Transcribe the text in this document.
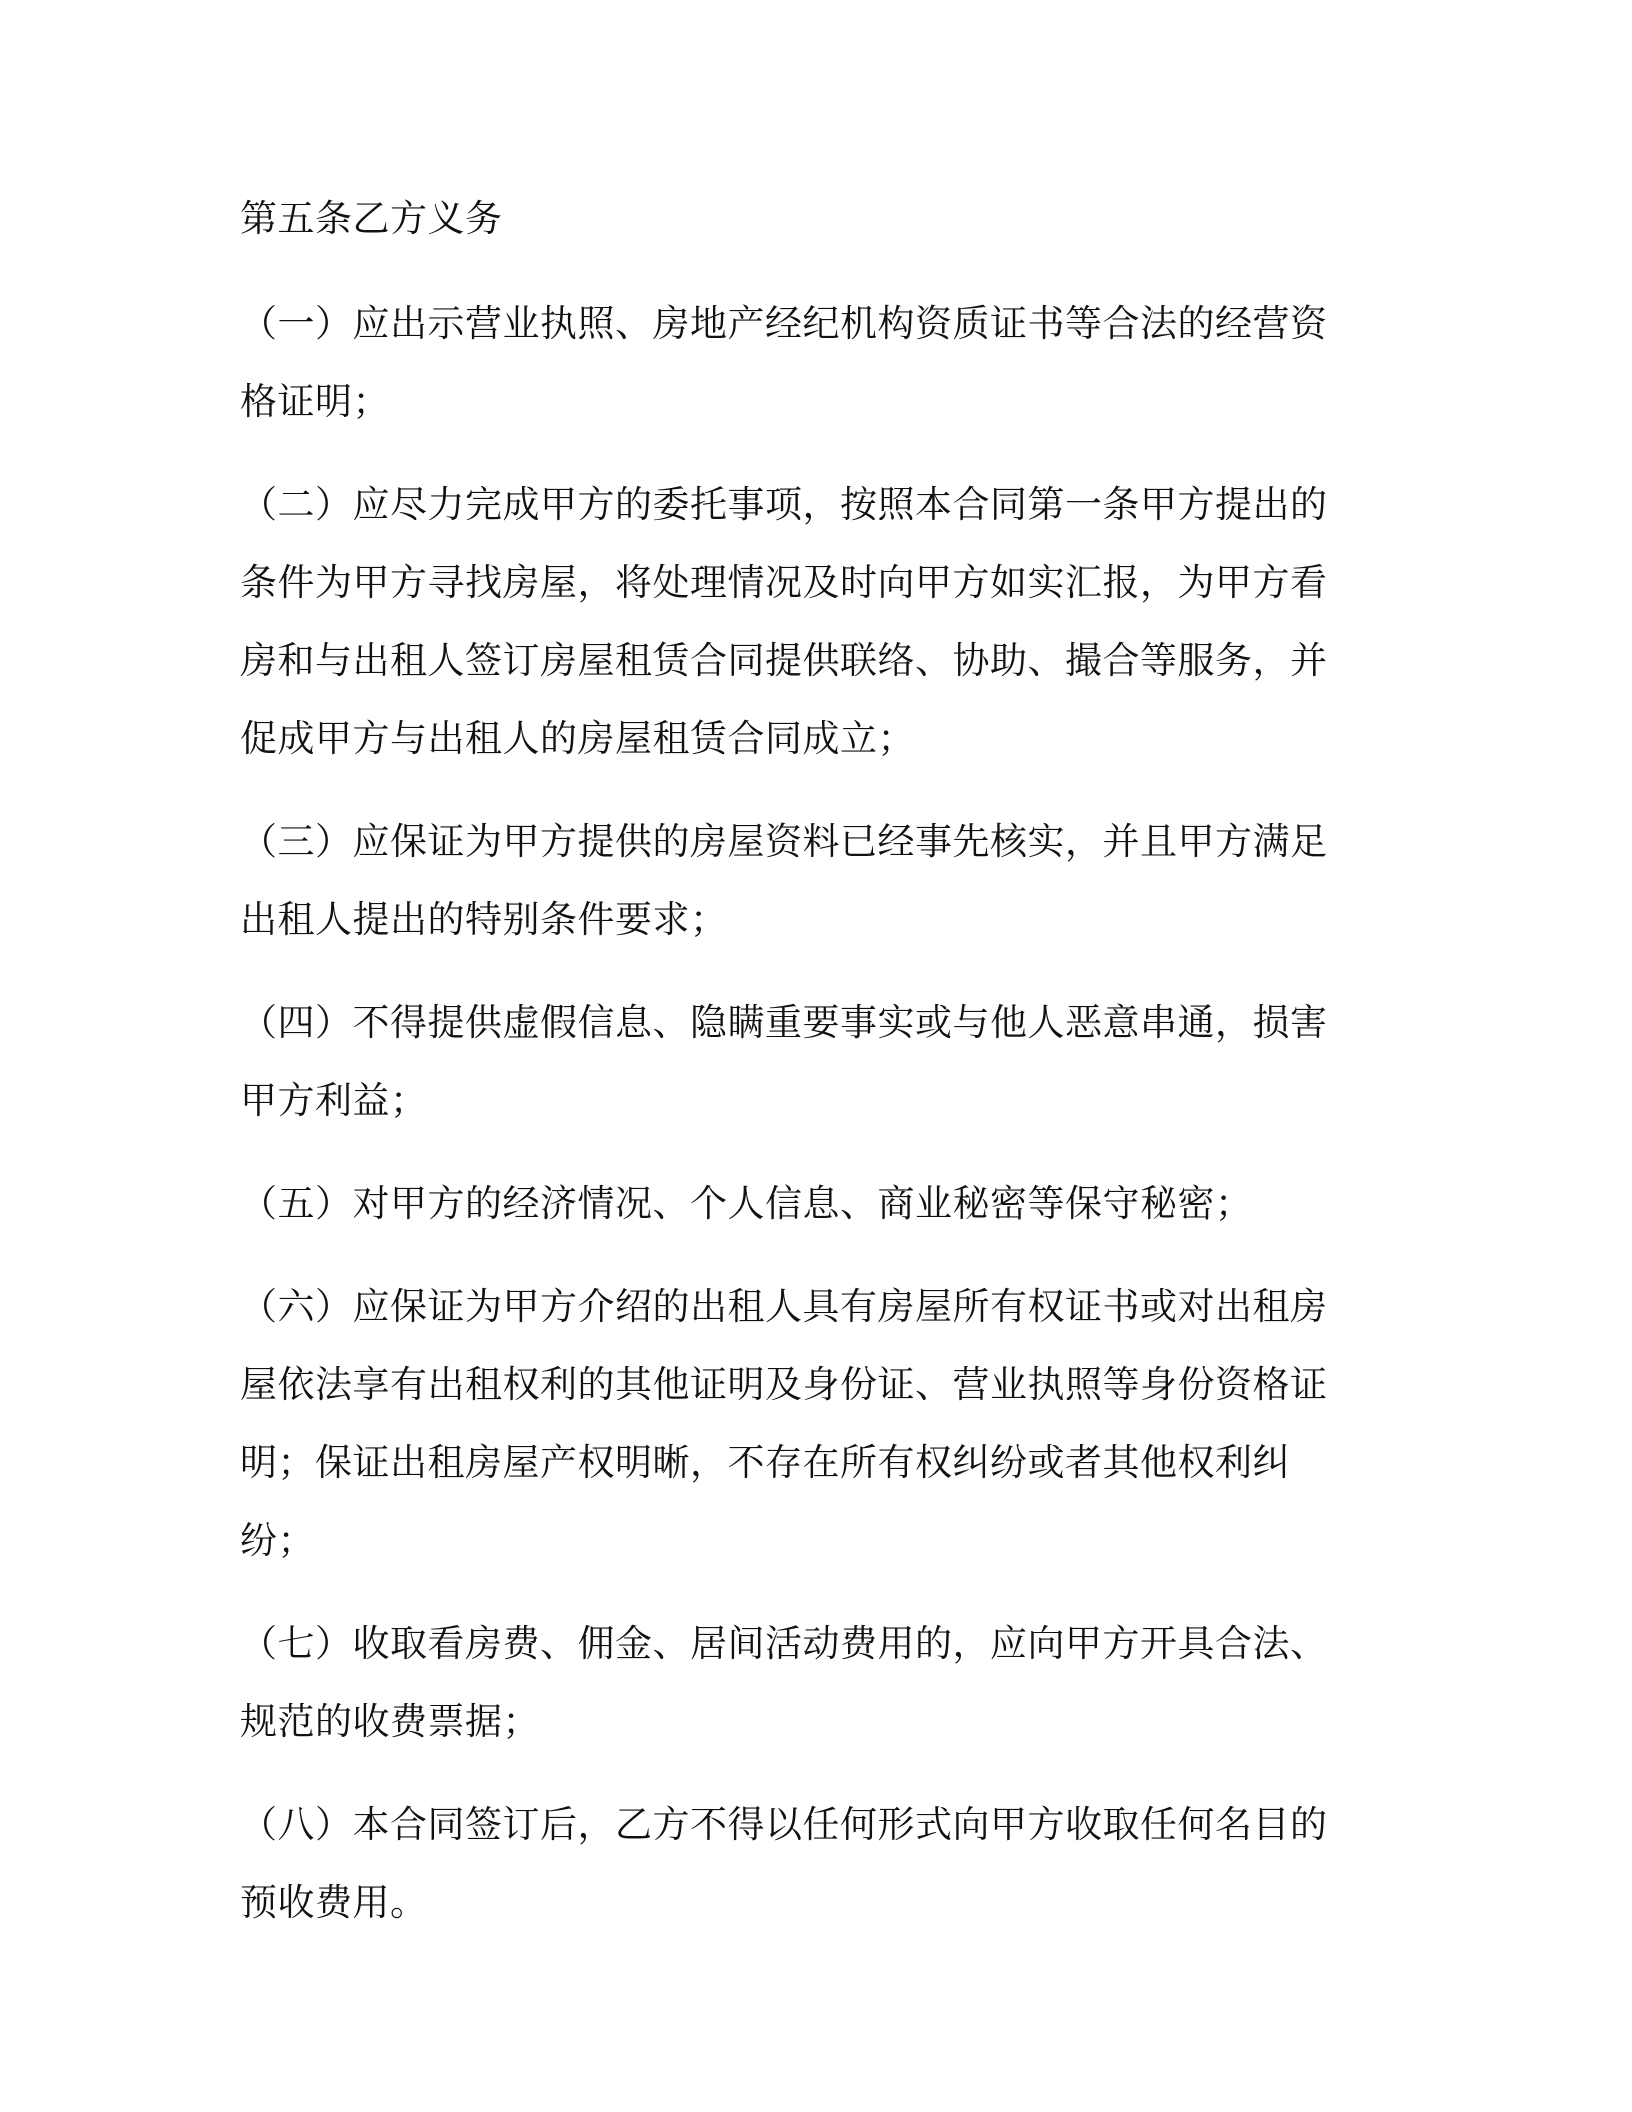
第五条乙方义务

（一）应出示营业执照、房地产经纪机构资质证书等合法的经营资格证明；

（二）应尽力完成甲方的委托事项，按照本合同第一条甲方提出的条件为甲方寻找房屋，将处理情况及时向甲方如实汇报，为甲方看房和与出租人签订房屋租赁合同提供联络、协助、撮合等服务，并促成甲方与出租人的房屋租赁合同成立；

（三）应保证为甲方提供的房屋资料已经事先核实，并且甲方满足出租人提出的特别条件要求；

（四）不得提供虚假信息、隐瞒重要事实或与他人恶意串通，损害甲方利益；

（五）对甲方的经济情况、个人信息、商业秘密等保守秘密；

（六）应保证为甲方介绍的出租人具有房屋所有权证书或对出租房屋依法享有出租权利的其他证明及身份证、营业执照等身份资格证明；保证出租房屋产权明晰，不存在所有权纠纷或者其他权利纠纷；

（七）收取看房费、佣金、居间活动费用的，应向甲方开具合法、规范的收费票据；

（八）本合同签订后，乙方不得以任何形式向甲方收取任何名目的预收费用。
